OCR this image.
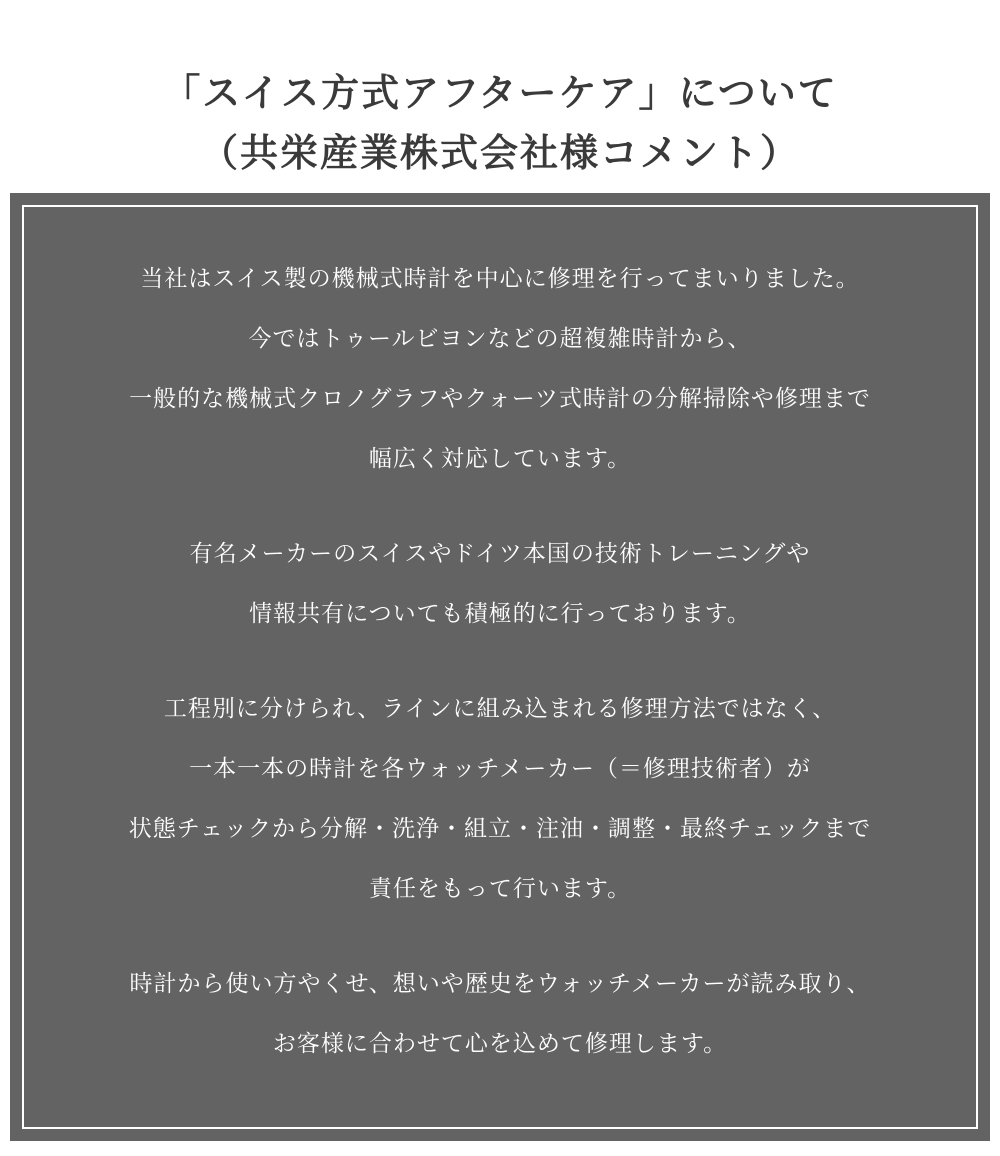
「スイス方式アフターケア」について
（共栄産業株式会社様コメント）

当社はスイス製の機械式時計を中心に修理を行ってまいりました。
今ではトゥールビヨンなどの超複雑時計から、
一般的な機械式クロノグラフやクォーツ式時計の分解掃除や修理まで
幅広く対応しています。

有名メーカーのスイスやドイツ本国の技術トレーニングや
情報共有についても積極的に行っております。

工程別に分けられ、ラインに組み込まれる修理方法ではなく、
一本一本の時計を各ウォッチメーカー（＝修理技術者）が
状態チェックから分解・洗浄・組立・注油・調整・最終チェックまで
責任をもって行います。

時計から使い方やくせ、想いや歴史をウォッチメーカーが読み取り、
お客様に合わせて心を込めて修理します。
